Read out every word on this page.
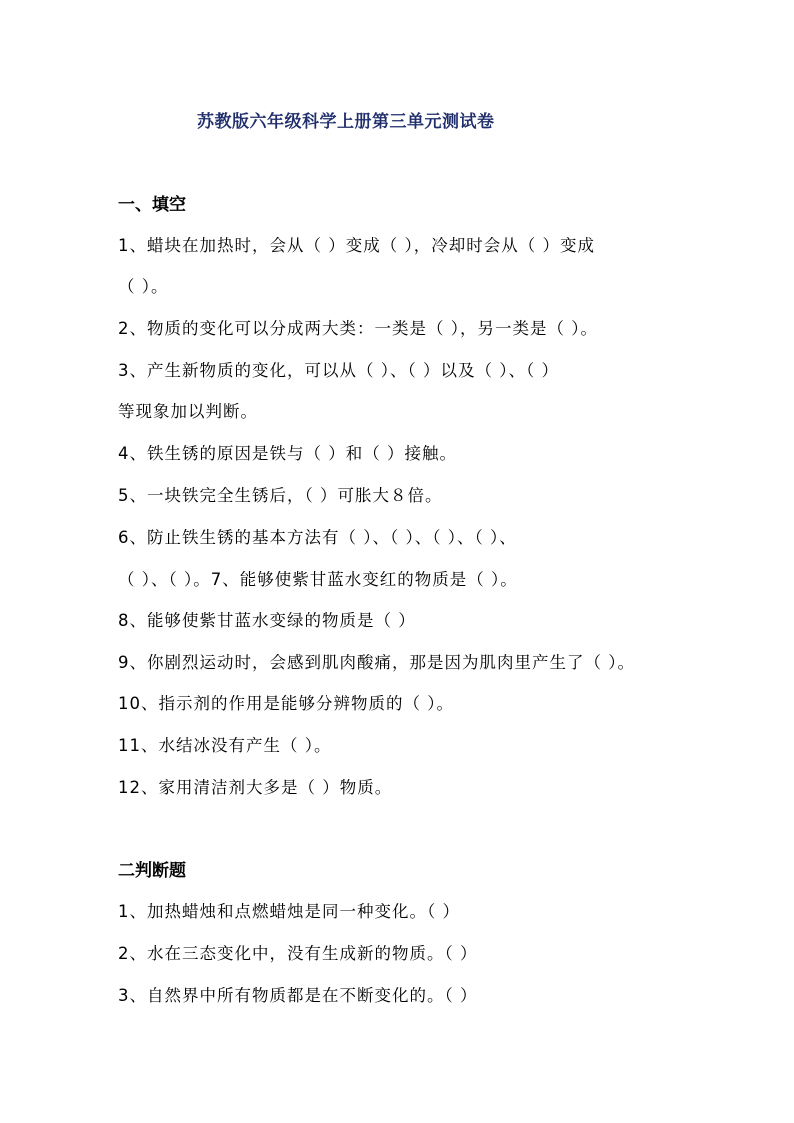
苏教版六年级科学上册第三单元测试卷
一、填空
1、蜡块在加热时，会从（ ）变成（ ），冷却时会从（ ）变成
（ ）。
2、物质的变化可以分成两大类：一类是（ ），另一类是（ ）。
3、产生新物质的变化，可以从（ ）、（ ）以及（ ）、（ ）
等现象加以判断。
4、铁生锈的原因是铁与（ ）和（ ）接触。
5、一块铁完全生锈后，（ ）可胀大８倍。
6、防止铁生锈的基本方法有（ ）、（ ）、（ ）、（ ）、
（ ）、（ ）。7、能够使紫甘蓝水变红的物质是（ ）。
8、能够使紫甘蓝水变绿的物质是（ ）
9、你剧烈运动时，会感到肌肉酸痛，那是因为肌肉里产生了（ ）。
10、指示剂的作用是能够分辨物质的（ ）。
11、水结冰没有产生（ ）。
12、家用清洁剂大多是（ ）物质。
二判断题
1、加热蜡烛和点燃蜡烛是同一种变化。（ ）
2、水在三态变化中，没有生成新的物质。（ ）
3、自然界中所有物质都是在不断变化的。（ ）
